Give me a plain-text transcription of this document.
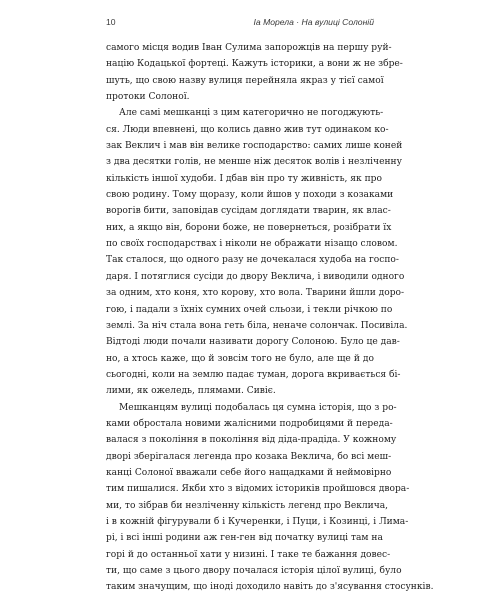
10	Іа Морела · На вулиці Солоній
самого місця водив Іван Сулима запорожців на першу руй-
націю Кодацької фортеці. Кажуть історики, а вони ж не збре-
шуть, що свою назву вулиця перейняла якраз у тієї самої
протоки Солоної.
Але самі мешканці з цим категорично не погоджують-
ся. Люди впевнені, що колись давно жив тут одинаком ко-
зак Веклич і мав він велике господарство: самих лише коней
з два десятки голів, не менше ніж десяток волів і незліченну
кількість іншої худоби. І дбав він про ту живність, як про
свою родину. Тому щоразу, коли йшов у походи з козаками
ворогів бити, заповідав сусідам доглядати тварин, як влас-
них, а якщо він, борони боже, не повернеться, розібрати їх
по своїх господарствах і ніколи не ображати нізащо словом.
Так сталося, що одного разу не дочекалася худоба на госпо-
даря. І потяглися сусіди до двору Веклича, і виводили одного
за одним, хто коня, хто корову, хто вола. Тварини йшли доро-
гою, і падали з їхніх сумних очей сльози, і текли річкою по
землі. За ніч стала вона геть біла, неначе солончак. Посивіла.
Відтоді люди почали називати дорогу Солоною. Було це дав-
но, а хтось каже, що й зовсім того не було, але ще й до
сьогодні, коли на землю падає туман, дорога вкривається бі-
лими, як ожеледь, плямами. Сивіє.
Мешканцям вулиці подобалась ця сумна історія, що з ро-
ками обростала новими жалісними подробицями й передa-
валася з покоління в покоління від діда-прадіда. У кожному
дворі зберігалася легенда про козака Веклича, бо всі меш-
канці Солоної вважали себе його нащадками й неймовірно
тим пишалися. Якби хто з відомих істориків пройшовся двора-
ми, то зібрав би незліченну кількість легенд про Веклича,
і в кожній фігурували б і Кучеренки, і Пуци, і Козинці, і Лима-
рі, і всі інші родини аж ген-ген від початку вулиці там на
горі й до останньої хати у низині. І таке те бажання довес-
ти, що саме з цього двору почалася історія цілої вулиці, було
таким значущим, що іноді доходило навіть до з'ясування стосунків.
